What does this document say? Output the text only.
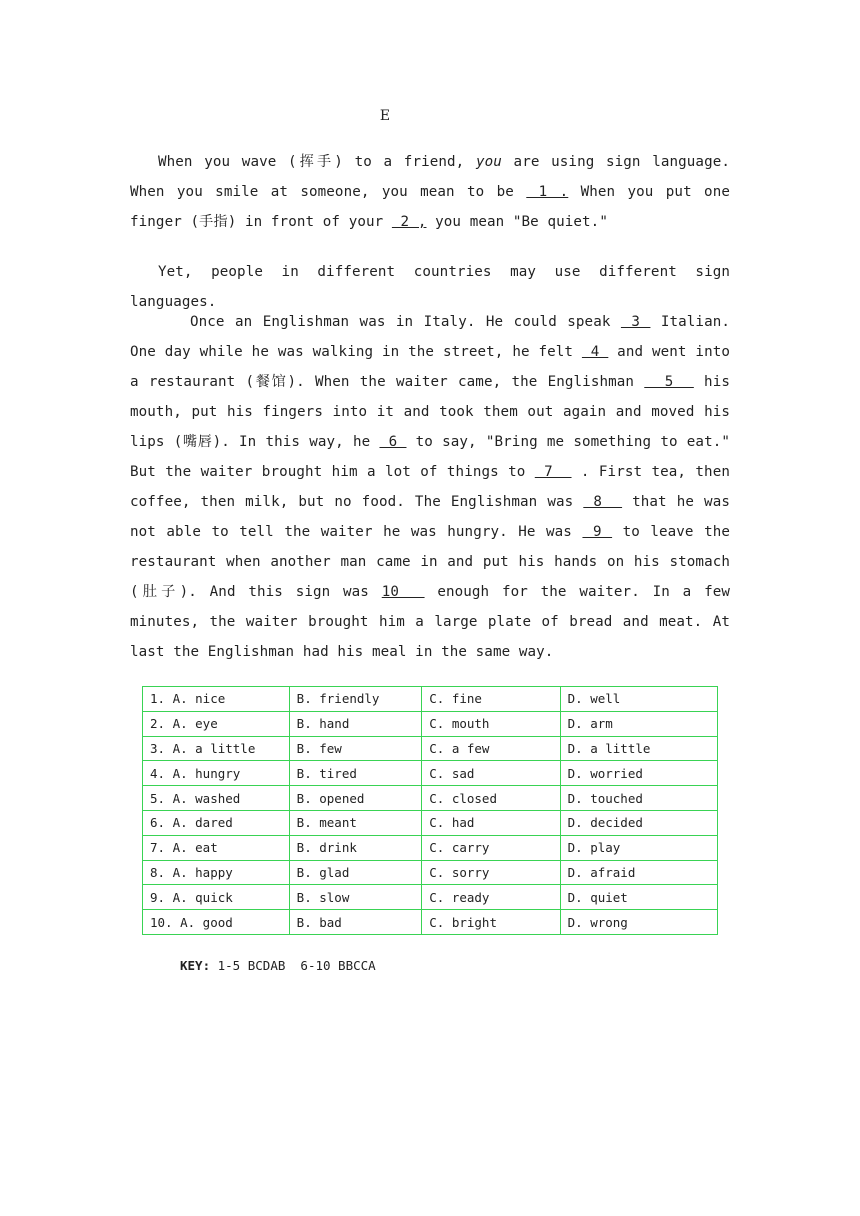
E
When you wave (挥手) to a friend, you are using sign language. When you smile at someone, you mean to be  1 . When you put one finger (手指) in front of your  2 , you mean "Be quiet."
Yet, people in different countries may use different sign languages.
Once an Englishman was in Italy. He could speak  3  Italian. One day while he was walking in the street, he felt  4  and went into a restaurant (餐馆). When the waiter came, the Englishman   5   his mouth, put his fingers into it and took them out again and moved his lips (嘴唇). In this way, he  6  to say, "Bring me something to eat." But the waiter brought him a lot of things to  7   . First tea, then coffee, then milk, but no food. The Englishman was  8   that he was not able to tell the waiter he was hungry. He was  9  to leave the restaurant when another man came in and put his hands on his stomach (肚子). And this sign was 10   enough for the waiter. In a few minutes, the waiter brought him a large plate of bread and meat. At last the Englishman had his meal in the same way.
1. A. nice	B. friendly	C. fine	D. well
2. A. eye	B. hand	C. mouth	D. arm
3. A. a little	B. few	C. a few	D. a little
4. A. hungry	B. tired	C. sad	D. worried
5. A. washed	B. opened	C. closed	D. touched
6. A. dared	B. meant	C. had	D. decided
7. A. eat	B. drink	C. carry	D. play
8. A. happy	B. glad	C. sorry	D. afraid
9. A. quick	B. slow	C. ready	D. quiet
10. A. good	B. bad	C. bright	D. wrong
KEY: 1-5 BCDAB  6-10 BBCCA
